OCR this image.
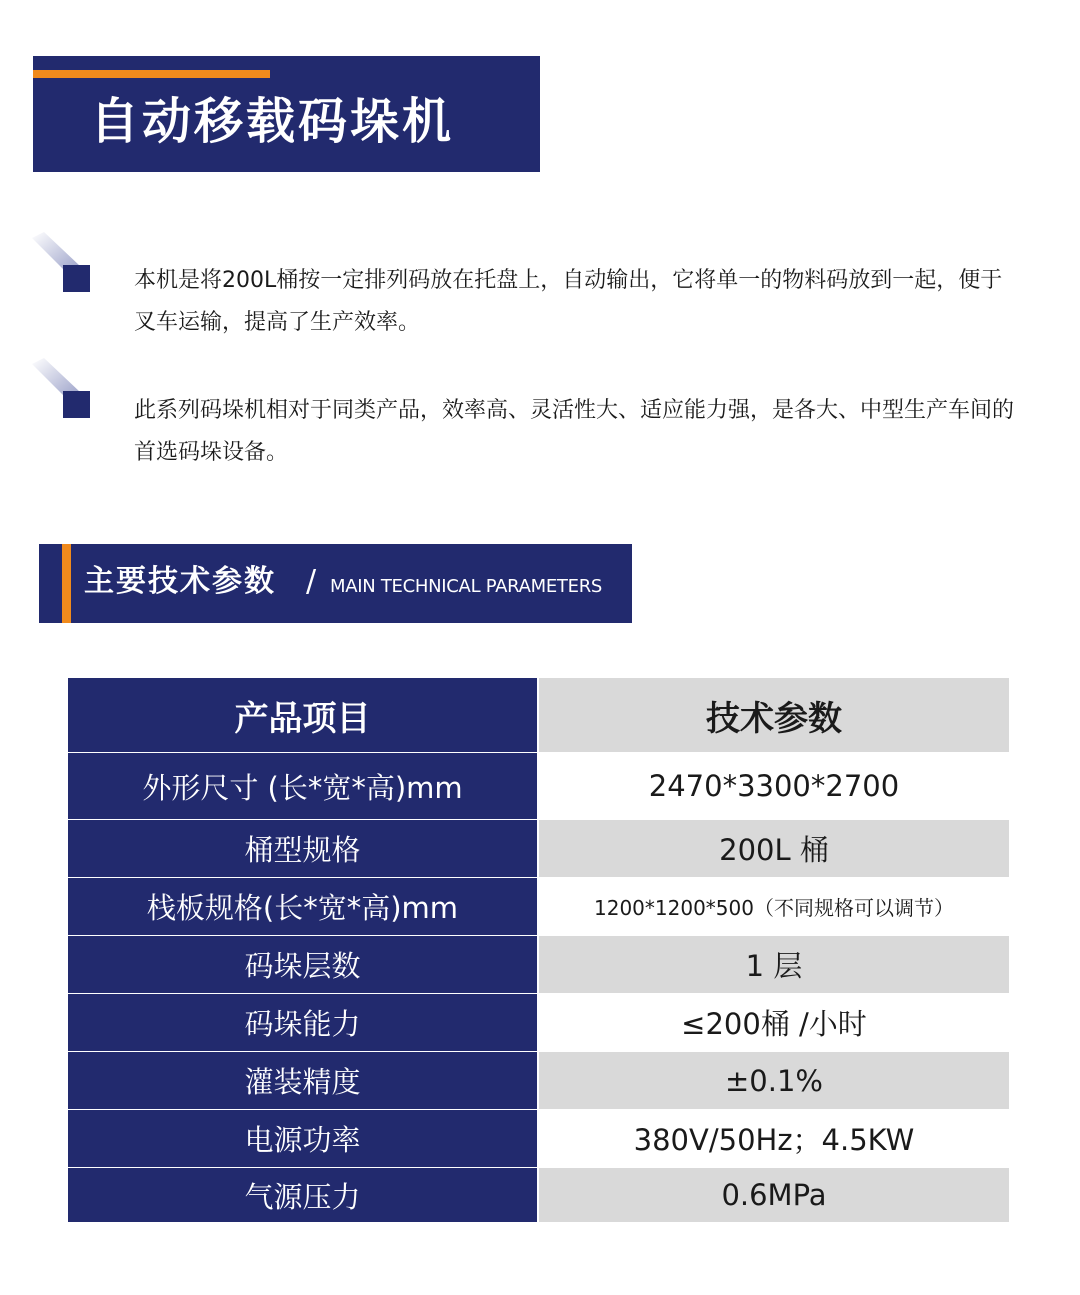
自动移载码垛机
本机是将200L桶按一定排列码放在托盘上，自动输出，它将单一的物料码放到一起，便于叉车运输，提高了生产效率。
此系列码垛机相对于同类产品，效率高、灵活性大、适应能力强，是各大、中型生产车间的首选码垛设备。
主要技术参数 / MAIN TECHNICAL PARAMETERS
产品项目	技术参数
外形尺寸 (长*宽*高)mm	2470*3300*2700
桶型规格	200L 桶
栈板规格(长*宽*高)mm	1200*1200*500（不同规格可以调节）
码垛层数	1 层
码垛能力	≤200桶 /小时
灌装精度	±0.1%
电源功率	380V/50Hz；4.5KW
气源压力	0.6MPa
